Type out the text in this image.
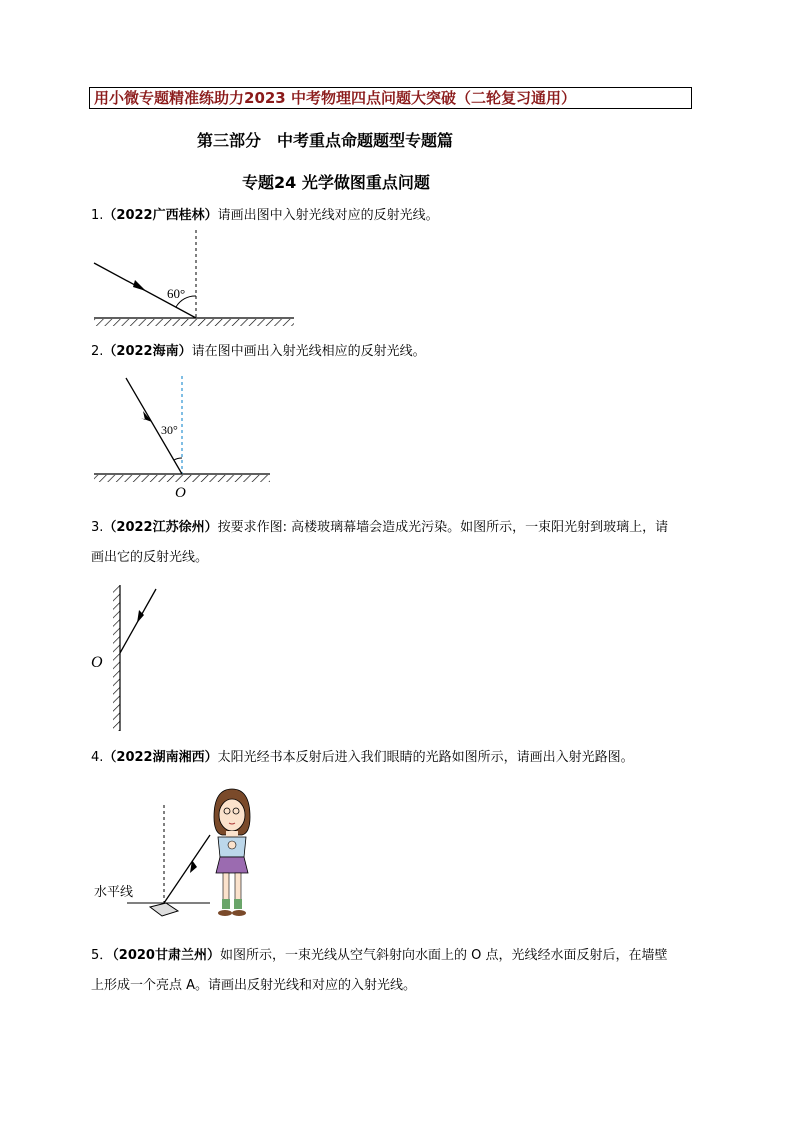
用小微专题精准练助力2023 中考物理四点问题大突破（二轮复习通用）
第三部分　中考重点命题题型专题篇
专题24 光学做图重点问题
1.（2022广西桂林）请画出图中入射光线对应的反射光线。
60°
2.（2022海南）请在图中画出入射光线相应的反射光线。
30°
O
3.（2022江苏徐州）按要求作图: 高楼玻璃幕墙会造成光污染。如图所示，一束阳光射到玻璃上，请
画出它的反射光线。
O
4.（2022湖南湘西）太阳光经书本反射后进入我们眼睛的光路如图所示，请画出入射光路图。
水平线
5．（2020甘肃兰州）如图所示，一束光线从空气斜射向水面上的 O 点，光线经水面反射后，在墙壁
上形成一个亮点 A。请画出反射光线和对应的入射光线。
